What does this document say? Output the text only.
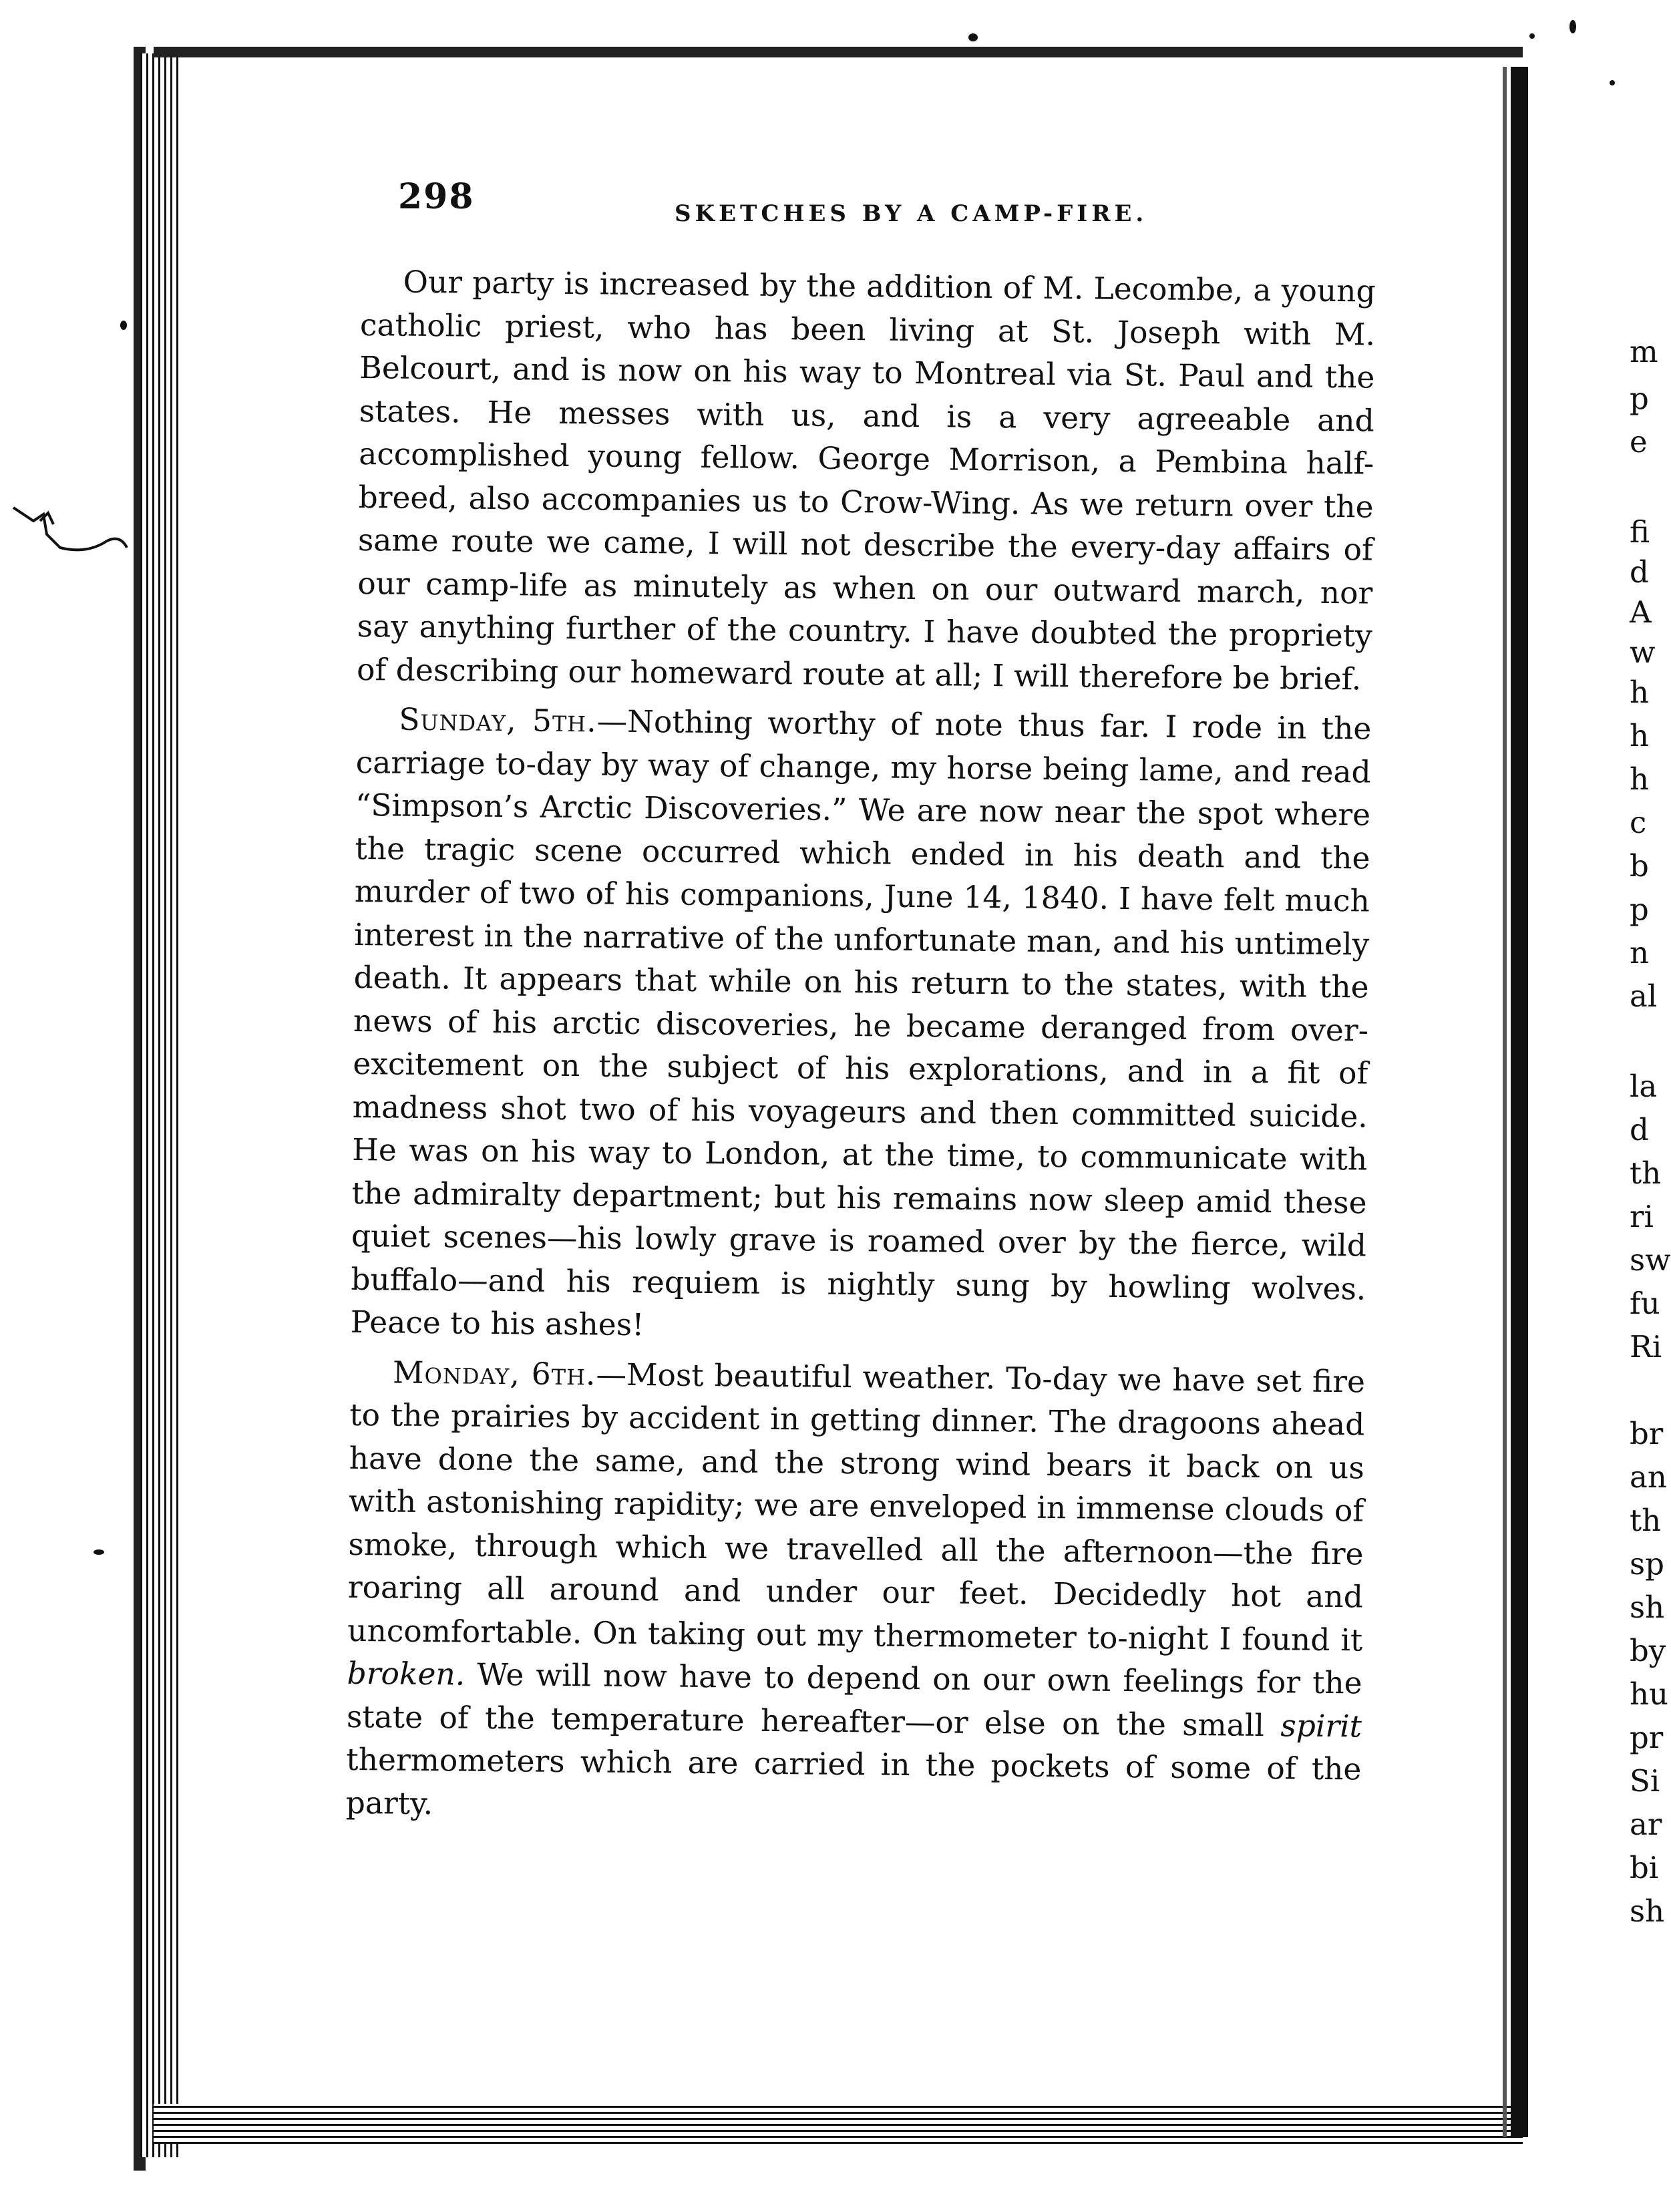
298	SKETCHES BY A CAMP-FIRE.

Our party is increased by the addition of M. Lecombe, a young catholic priest, who has been living at St. Joseph with M. Belcourt, and is now on his way to Montreal via St. Paul and the states. He messes with us, and is a very agreeable and accomplished young fellow. George Morrison, a Pembina half-breed, also accompanies us to Crow-Wing. As we return over the same route we came, I will not describe the every-day affairs of our camp-life as minutely as when on our outward march, nor say anything further of the country. I have doubted the propriety of describing our homeward route at all; I will therefore be brief.

Sunday, 5th.—Nothing worthy of note thus far. I rode in the carriage to-day by way of change, my horse being lame, and read “Simpson’s Arctic Discoveries.” We are now near the spot where the tragic scene occurred which ended in his death and the murder of two of his companions, June 14, 1840. I have felt much interest in the narrative of the unfortunate man, and his untimely death. It appears that while on his return to the states, with the news of his arctic discoveries, he became deranged from over-excitement on the subject of his explorations, and in a fit of madness shot two of his voyageurs and then committed suicide. He was on his way to London, at the time, to communicate with the admiralty department; but his remains now sleep amid these quiet scenes—his lowly grave is roamed over by the fierce, wild buffalo—and his requiem is nightly sung by howling wolves. Peace to his ashes!

Monday, 6th.—Most beautiful weather. To-day we have set fire to the prairies by accident in getting dinner. The dragoons ahead have done the same, and the strong wind bears it back on us with astonishing rapidity; we are enveloped in immense clouds of smoke, through which we travelled all the afternoon—the fire roaring all around and under our feet. Decidedly hot and uncomfortable. On taking out my thermometer to-night I found it broken. We will now have to depend on our own feelings for the state of the temperature hereafter—or else on the small spirit thermometers which are carried in the pockets of some of the party.

m
p
e
fi
d
A
w
h
h
h
c
b
p
n
al
la
d
th
ri
sw
fu
Ri
br
an
th
sp
sh
by
hu
pr
Si
ar
bi
sh
